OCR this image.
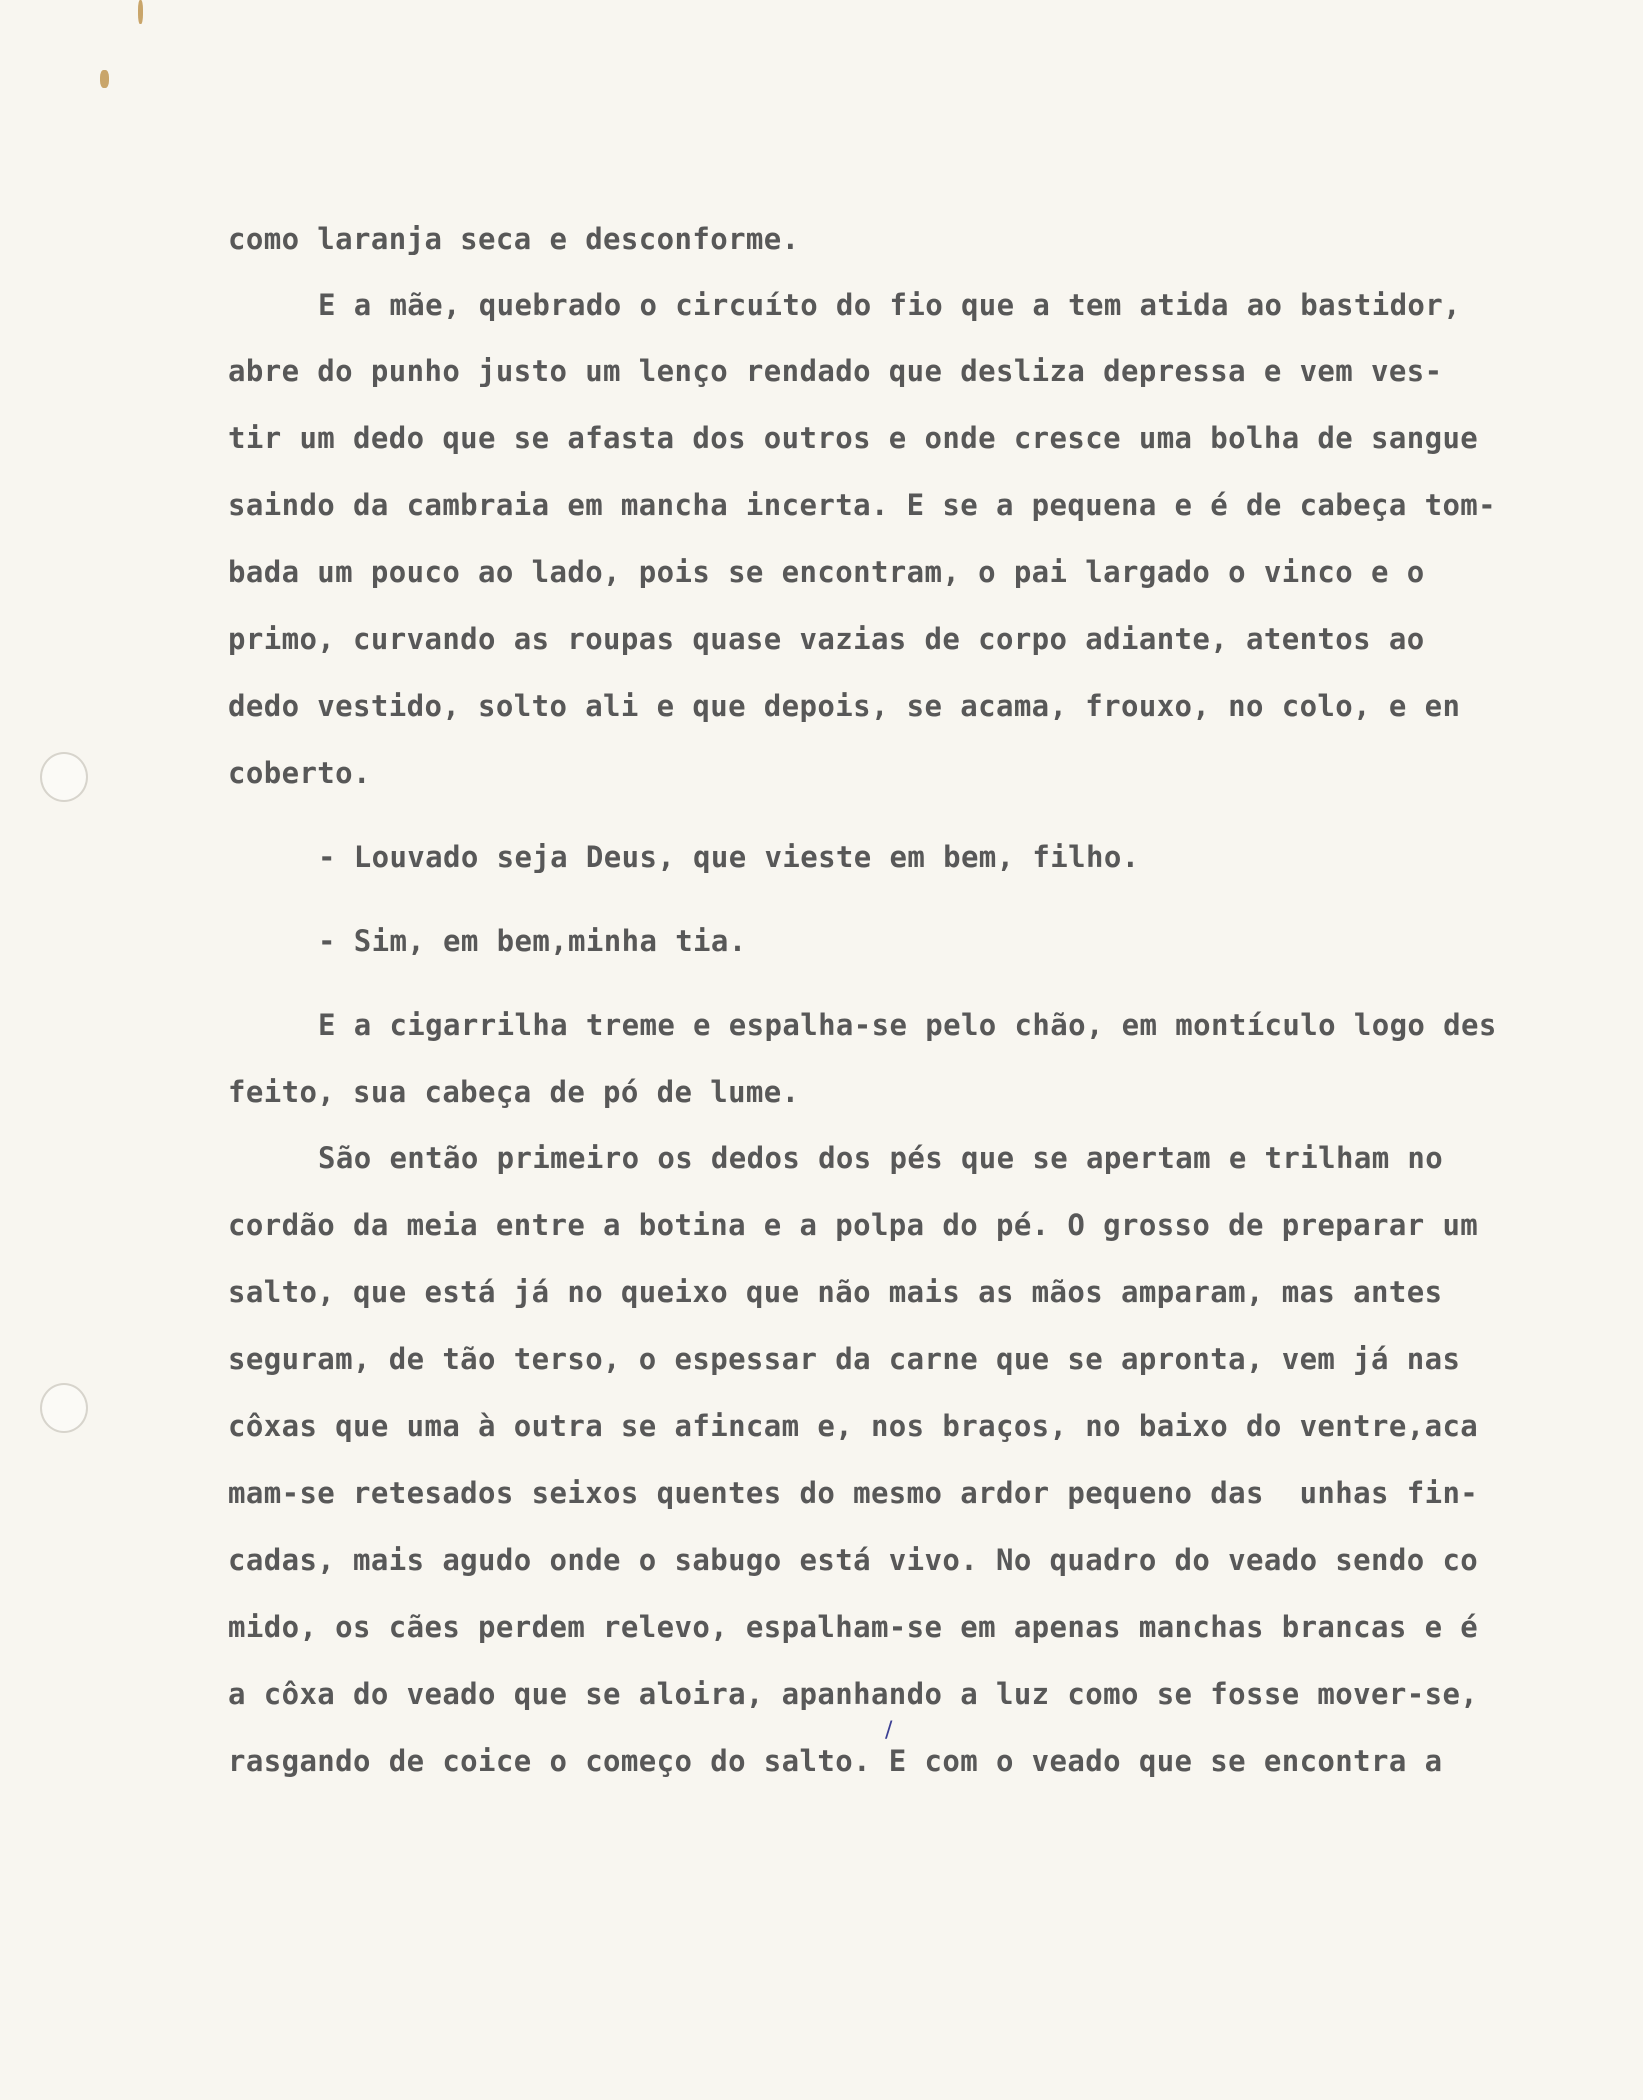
como laranja seca e desconforme.

E a mãe, quebrado o circuíto do fio que a tem atida ao bastidor,

abre do punho justo um lenço rendado que desliza depressa e vem ves-

tir um dedo que se afasta dos outros e onde cresce uma bolha de sangue

saindo da cambraia em mancha incerta. E se a pequena e é de cabeça tom-

bada um pouco ao lado, pois se encontram, o pai largado o vinco e o

primo, curvando as roupas quase vazias de corpo adiante, atentos ao

dedo vestido, solto ali e que depois, se acama, frouxo, no colo, e en

coberto.

- Louvado seja Deus, que vieste em bem, filho.

- Sim, em bem,minha tia.

E a cigarrilha treme e espalha-se pelo chão, em montículo logo des

feito, sua cabeça de pó de lume.

São então primeiro os dedos dos pés que se apertam e trilham no

cordão da meia entre a botina e a polpa do pé. O grosso de preparar um

salto, que está já no queixo que não mais as mãos amparam, mas antes

seguram, de tão terso, o espessar da carne que se apronta, vem já nas

côxas que uma à outra se afincam e, nos braços, no baixo do ventre,aca

mam-se retesados seixos quentes do mesmo ardor pequeno das  unhas fin-

cadas, mais agudo onde o sabugo está vivo. No quadro do veado sendo co

mido, os cães perdem relevo, espalham-se em apenas manchas brancas e é

a côxa do veado que se aloira, apanhando a luz como se fosse mover-se,

rasgando de coice o começo do salto. E com o veado que se encontra a

/
